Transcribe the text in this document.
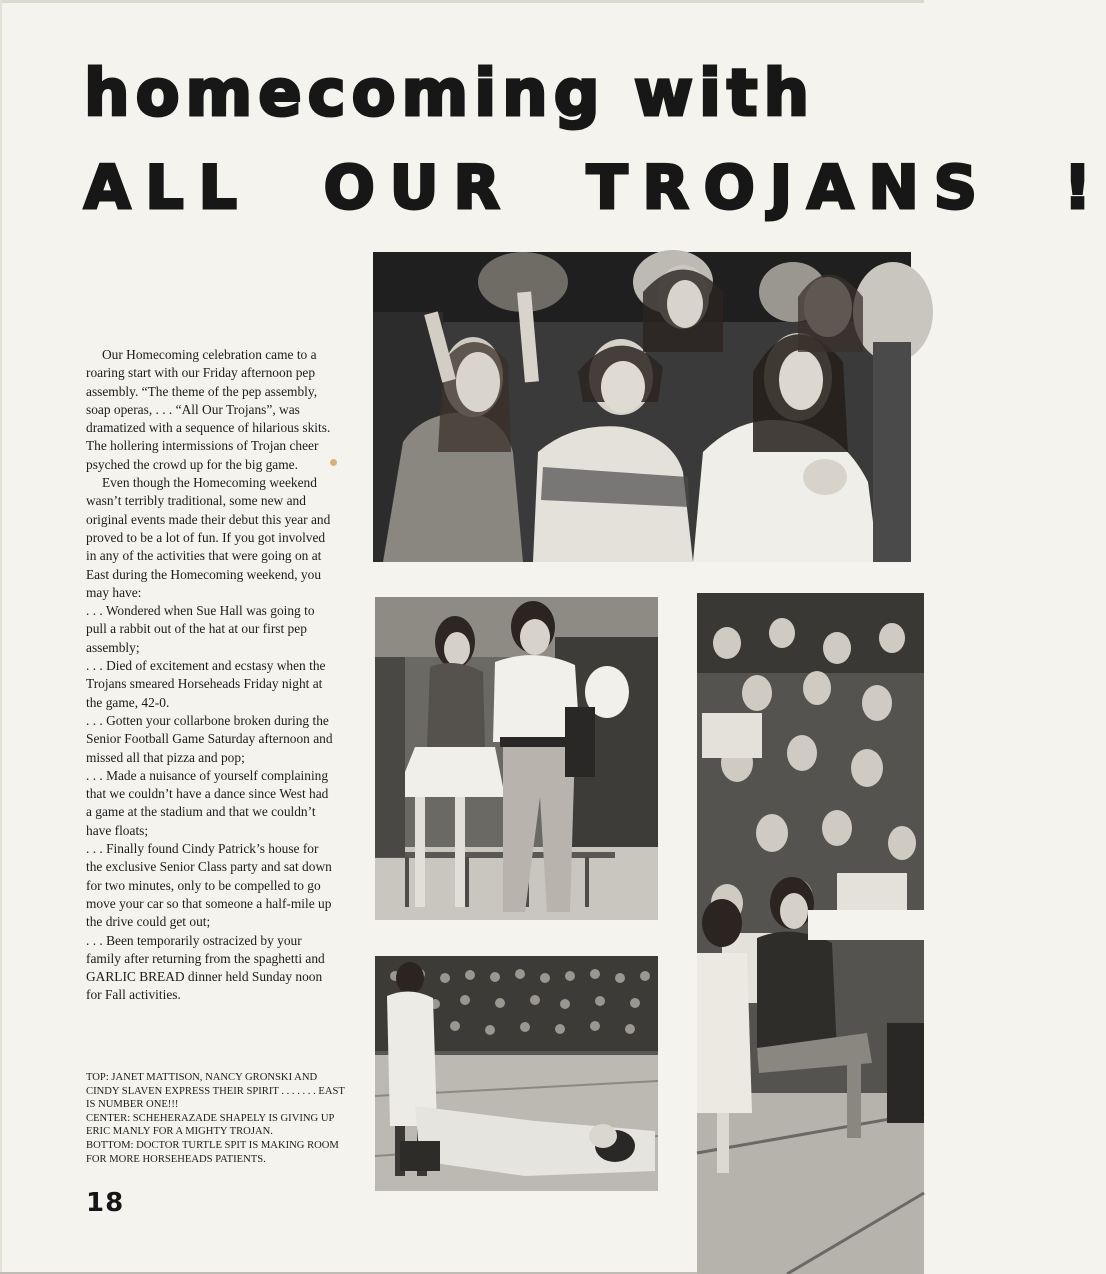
homecoming with
ALL OUR TROJANS !

Our Homecoming celebration came to a roaring start with our Friday afternoon pep assembly. “The theme of the pep assembly, soap operas, . . . “All Our Trojans”, was dramatized with a sequence of hilarious skits. The hollering intermissions of Trojan cheer psyched the crowd up for the big game.

Even though the Homecoming weekend wasn’t terribly traditional, some new and original events made their debut this year and proved to be a lot of fun. If you got involved in any of the activities that were going on at East during the Homecoming weekend, you may have:

. . . Wondered when Sue Hall was going to pull a rabbit out of the hat at our first pep assembly;

. . . Died of excitement and ecstasy when the Trojans smeared Horseheads Friday night at the game, 42-0.

. . . Gotten your collarbone broken during the Senior Football Game Saturday afternoon and missed all that pizza and pop;

. . . Made a nuisance of yourself complaining that we couldn’t have a dance since West had a game at the stadium and that we couldn’t have floats;

. . . Finally found Cindy Patrick’s house for the exclusive Senior Class party and sat down for two minutes, only to be compelled to go move your car so that someone a half-mile up the drive could get out;

. . . Been temporarily ostracized by your family after returning from the spaghetti and GARLIC BREAD dinner held Sunday noon for Fall activities.

TOP: JANET MATTISON, NANCY GRONSKI AND CINDY SLAVEN EXPRESS THEIR SPIRIT . . . . . . . EAST IS NUMBER ONE!!!
CENTER: SCHEHERAZADE SHAPELY IS GIVING UP ERIC MANLY FOR A MIGHTY TROJAN.
BOTTOM: DOCTOR TURTLE SPIT IS MAKING ROOM FOR MORE HORSEHEADS PATIENTS.
18
